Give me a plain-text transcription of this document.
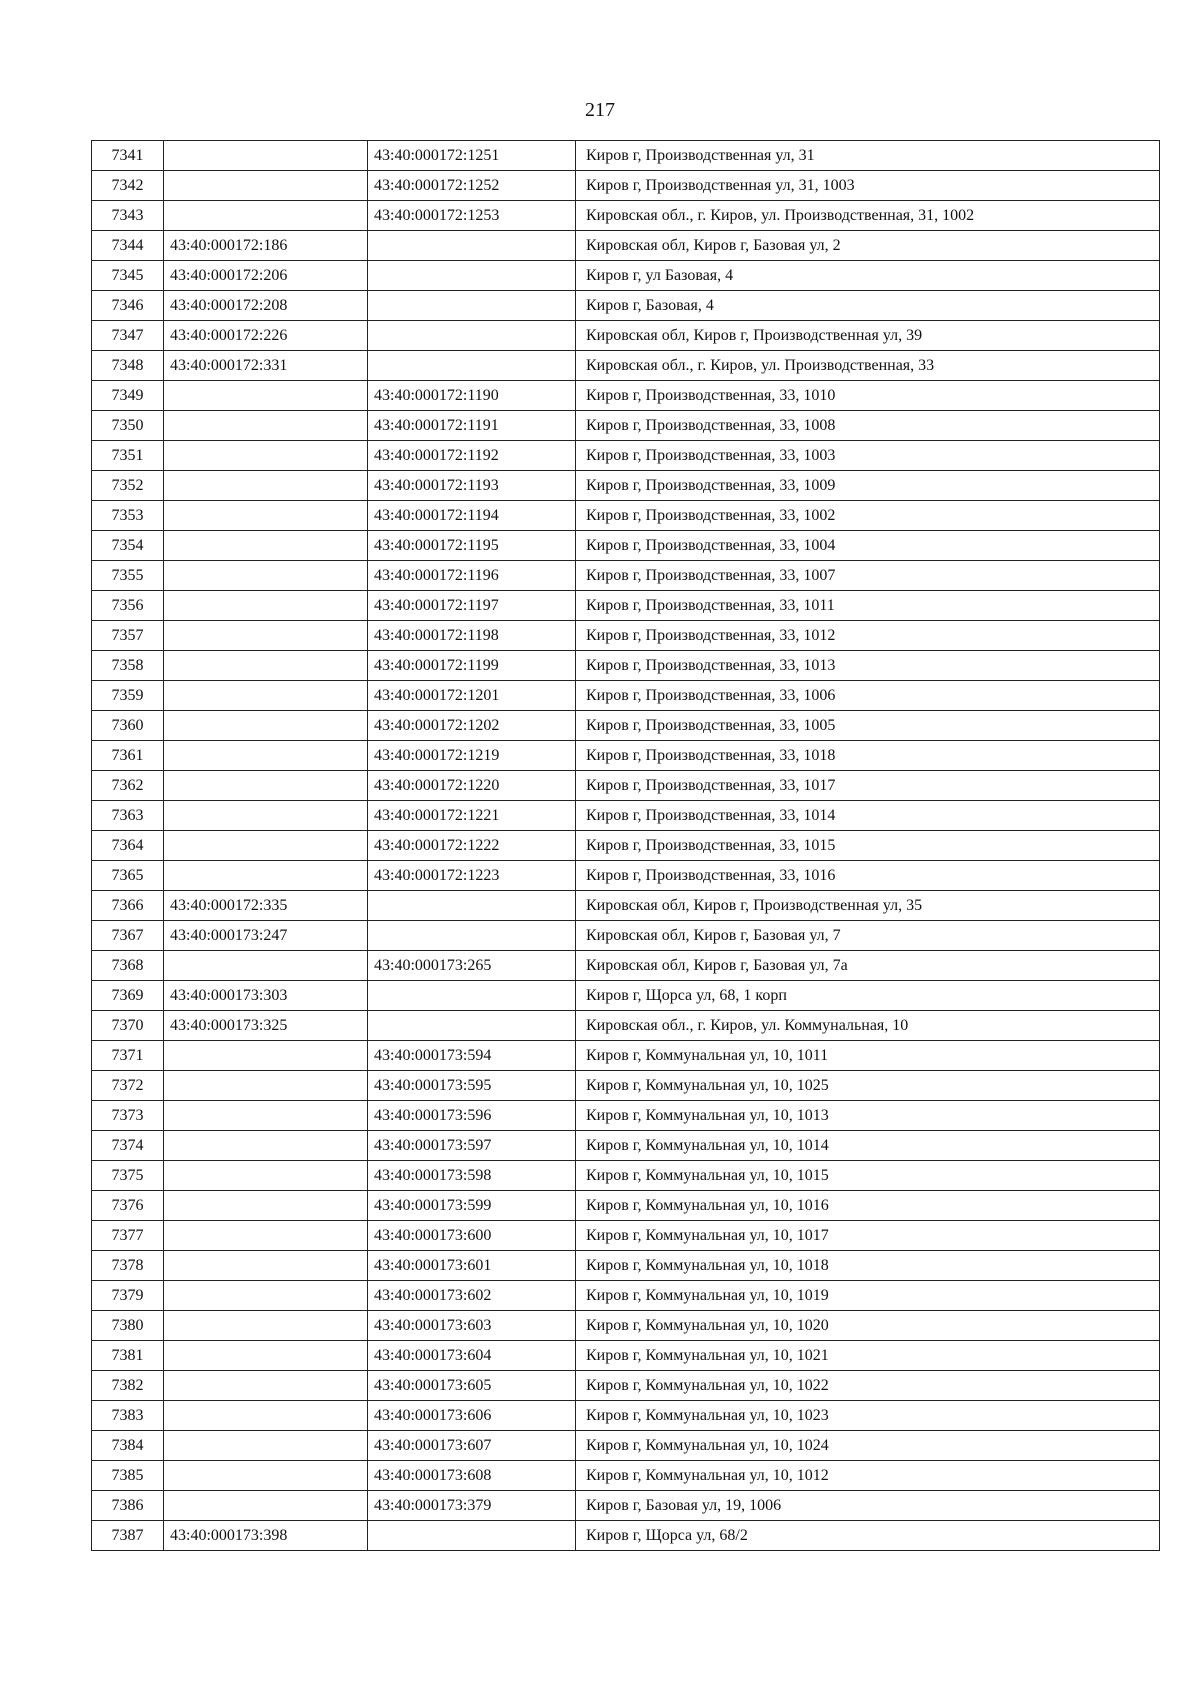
217
7341		43:40:000172:1251	Киров г, Производственная ул, 31
7342		43:40:000172:1252	Киров г, Производственная ул, 31, 1003
7343		43:40:000172:1253	Кировская обл., г. Киров, ул. Производственная, 31, 1002
7344	43:40:000172:186		Кировская обл, Киров г, Базовая ул, 2
7345	43:40:000172:206		Киров г, ул Базовая, 4
7346	43:40:000172:208		Киров г, Базовая, 4
7347	43:40:000172:226		Кировская обл, Киров г, Производственная ул, 39
7348	43:40:000172:331		Кировская обл., г. Киров, ул. Производственная, 33
7349		43:40:000172:1190	Киров г, Производственная, 33, 1010
7350		43:40:000172:1191	Киров г, Производственная, 33, 1008
7351		43:40:000172:1192	Киров г, Производственная, 33, 1003
7352		43:40:000172:1193	Киров г, Производственная, 33, 1009
7353		43:40:000172:1194	Киров г, Производственная, 33, 1002
7354		43:40:000172:1195	Киров г, Производственная, 33, 1004
7355		43:40:000172:1196	Киров г, Производственная, 33, 1007
7356		43:40:000172:1197	Киров г, Производственная, 33, 1011
7357		43:40:000172:1198	Киров г, Производственная, 33, 1012
7358		43:40:000172:1199	Киров г, Производственная, 33, 1013
7359		43:40:000172:1201	Киров г, Производственная, 33, 1006
7360		43:40:000172:1202	Киров г, Производственная, 33, 1005
7361		43:40:000172:1219	Киров г, Производственная, 33, 1018
7362		43:40:000172:1220	Киров г, Производственная, 33, 1017
7363		43:40:000172:1221	Киров г, Производственная, 33, 1014
7364		43:40:000172:1222	Киров г, Производственная, 33, 1015
7365		43:40:000172:1223	Киров г, Производственная, 33, 1016
7366	43:40:000172:335		Кировская обл, Киров г, Производственная ул, 35
7367	43:40:000173:247		Кировская обл, Киров г, Базовая ул, 7
7368		43:40:000173:265	Кировская обл, Киров г, Базовая ул, 7а
7369	43:40:000173:303		Киров г, Щорса ул, 68, 1 корп
7370	43:40:000173:325		Кировская обл., г. Киров, ул. Коммунальная, 10
7371		43:40:000173:594	Киров г, Коммунальная ул, 10, 1011
7372		43:40:000173:595	Киров г, Коммунальная ул, 10, 1025
7373		43:40:000173:596	Киров г, Коммунальная ул, 10, 1013
7374		43:40:000173:597	Киров г, Коммунальная ул, 10, 1014
7375		43:40:000173:598	Киров г, Коммунальная ул, 10, 1015
7376		43:40:000173:599	Киров г, Коммунальная ул, 10, 1016
7377		43:40:000173:600	Киров г, Коммунальная ул, 10, 1017
7378		43:40:000173:601	Киров г, Коммунальная ул, 10, 1018
7379		43:40:000173:602	Киров г, Коммунальная ул, 10, 1019
7380		43:40:000173:603	Киров г, Коммунальная ул, 10, 1020
7381		43:40:000173:604	Киров г, Коммунальная ул, 10, 1021
7382		43:40:000173:605	Киров г, Коммунальная ул, 10, 1022
7383		43:40:000173:606	Киров г, Коммунальная ул, 10, 1023
7384		43:40:000173:607	Киров г, Коммунальная ул, 10, 1024
7385		43:40:000173:608	Киров г, Коммунальная ул, 10, 1012
7386		43:40:000173:379	Киров г, Базовая ул, 19, 1006
7387	43:40:000173:398		Киров г, Щорса ул, 68/2
